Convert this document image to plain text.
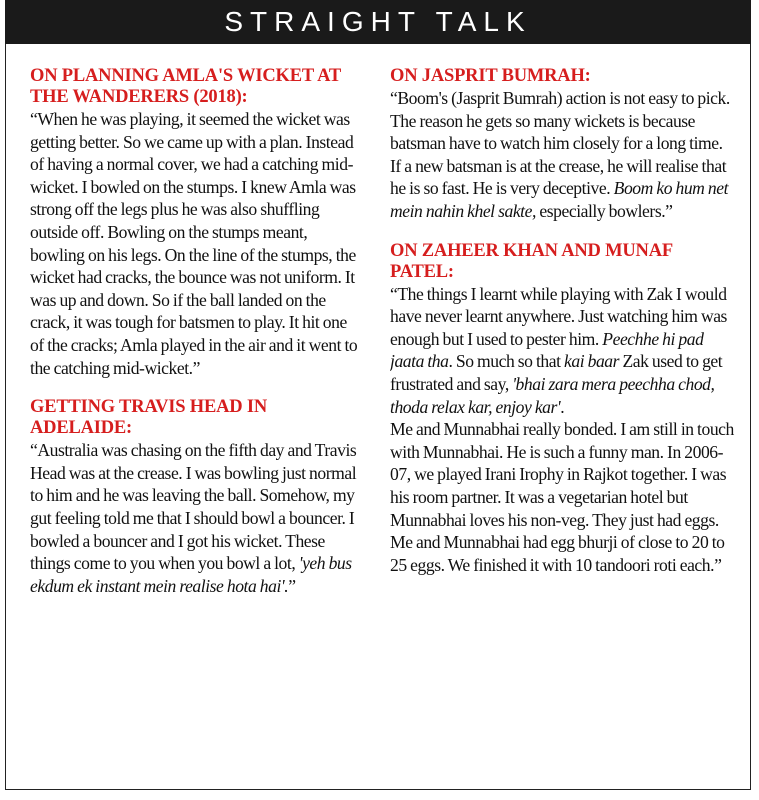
STRAIGHT TALK
ON PLANNING AMLA'S WICKET AT THE WANDERERS (2018):
“When he was playing, it seemed the wicket was getting better. So we came up with a plan. Instead of having a normal cover, we had a catching mid-wicket. I bowled on the stumps. I knew Amla was strong off the legs plus he was also shuffling outside off. Bowling on the stumps meant, bowling on his legs. On the line of the stumps, the wicket had cracks, the bounce was not uniform. It was up and down. So if the ball landed on the crack, it was tough for batsmen to play. It hit one of the cracks; Amla played in the air and it went to the catching mid-wicket.”
GETTING TRAVIS HEAD IN ADELAIDE:
“Australia was chasing on the fifth day and Travis Head was at the crease. I was bowling just normal to him and he was leaving the ball. Somehow, my gut feeling told me that I should bowl a bouncer. I bowled a bouncer and I got his wicket. These things come to you when you bowl a lot, 'yeh bus ekdum ek instant mein realise hota hai'.”
ON JASPRIT BUMRAH:
“Boom's (Jasprit Bumrah) action is not easy to pick. The reason he gets so many wickets is because batsman have to watch him closely for a long time. If a new batsman is at the crease, he will realise that he is so fast. He is very deceptive. Boom ko hum net mein nahin khel sakte, especially bowlers.”
ON ZAHEER KHAN AND MUNAF PATEL:
“The things I learnt while playing with Zak I would have never learnt anywhere. Just watching him was enough but I used to pester him. Peechhe hi pad jaata tha. So much so that kai baar Zak used to get frustrated and say, 'bhai zara mera peechha chod, thoda relax kar, enjoy kar'.
Me and Munnabhai really bonded. I am still in touch with Munnabhai. He is such a funny man. In 2006-07, we played Irani Irophy in Rajkot together. I was his room partner. It was a vegetarian hotel but Munnabhai loves his non-veg. They just had eggs. Me and Munnabhai had egg bhurji of close to 20 to 25 eggs. We finished it with 10 tandoori roti each.”
